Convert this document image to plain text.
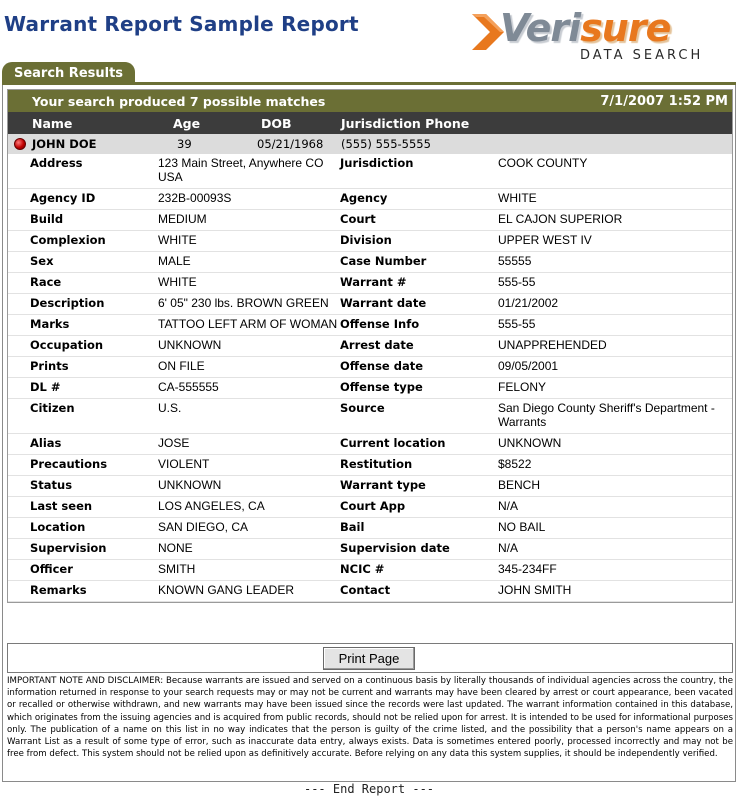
Warrant Report Sample Report	Verisure
DATA SEARCH
Search Results
Your search produced 7 possible matches	7/1/2007 1:52 PM
Name	Age	DOB	Jurisdiction Phone
JOHN DOE	39	05/21/1968 (555) 555-5555
	Address	123 Main Street, Anywhere CO USA	Jurisdiction	COOK COUNTY
	Agency ID	232B-00093S	Agency	WHITE
	Build	MEDIUM	Court	EL CAJON SUPERIOR
	Complexion	WHITE	Division	UPPER WEST IV
	Sex	MALE	Case Number	55555
	Race	WHITE	Warrant #	555-55
	Description	6' 05" 230 lbs. BROWN GREEN	Warrant date	01/21/2002
	Marks	TATTOO LEFT ARM OF WOMAN	Offense Info	555-55
	Occupation	UNKNOWN	Arrest date	UNAPPREHENDED
	Prints	ON FILE	Offense date	09/05/2001
	DL #	CA-555555	Offense type	FELONY
	Citizen	U.S.	Source	San Diego County Sheriff's Department - Warrants
	Alias	JOSE	Current location	UNKNOWN
	Precautions	VIOLENT	Restitution	$8522
	Status	UNKNOWN	Warrant type	BENCH
	Last seen	LOS ANGELES, CA	Court App	N/A
	Location	SAN DIEGO, CA	Bail	NO BAIL
	Supervision	NONE	Supervision date	N/A
	Officer	SMITH	NCIC #	345-234FF
	Remarks	KNOWN GANG LEADER	Contact	JOHN SMITH
Print Page
IMPORTANT NOTE AND DISCLAIMER: Because warrants are issued and served on a continuous basis by literally thousands of individual agencies across the country, the information returned in response to your search requests may or may not be current and warrants may have been cleared by arrest or court appearance, been vacated or recalled or otherwise withdrawn, and new warrants may have been issued since the records were last updated. The warrant information contained in this database, which originates from the issuing agencies and is acquired from public records, should not be relied upon for arrest. It is intended to be used for informational purposes only. The publication of a name on this list in no way indicates that the person is guilty of the crime listed, and the possibility that a person's name appears on a Warrant List as a result of some type of error, such as inaccurate data entry, always exists. Data is sometimes entered poorly, processed incorrectly and may not be free from defect. This system should not be relied upon as definitively accurate. Before relying on any data this system supplies, it should be independently verified.
--- End Report ---
